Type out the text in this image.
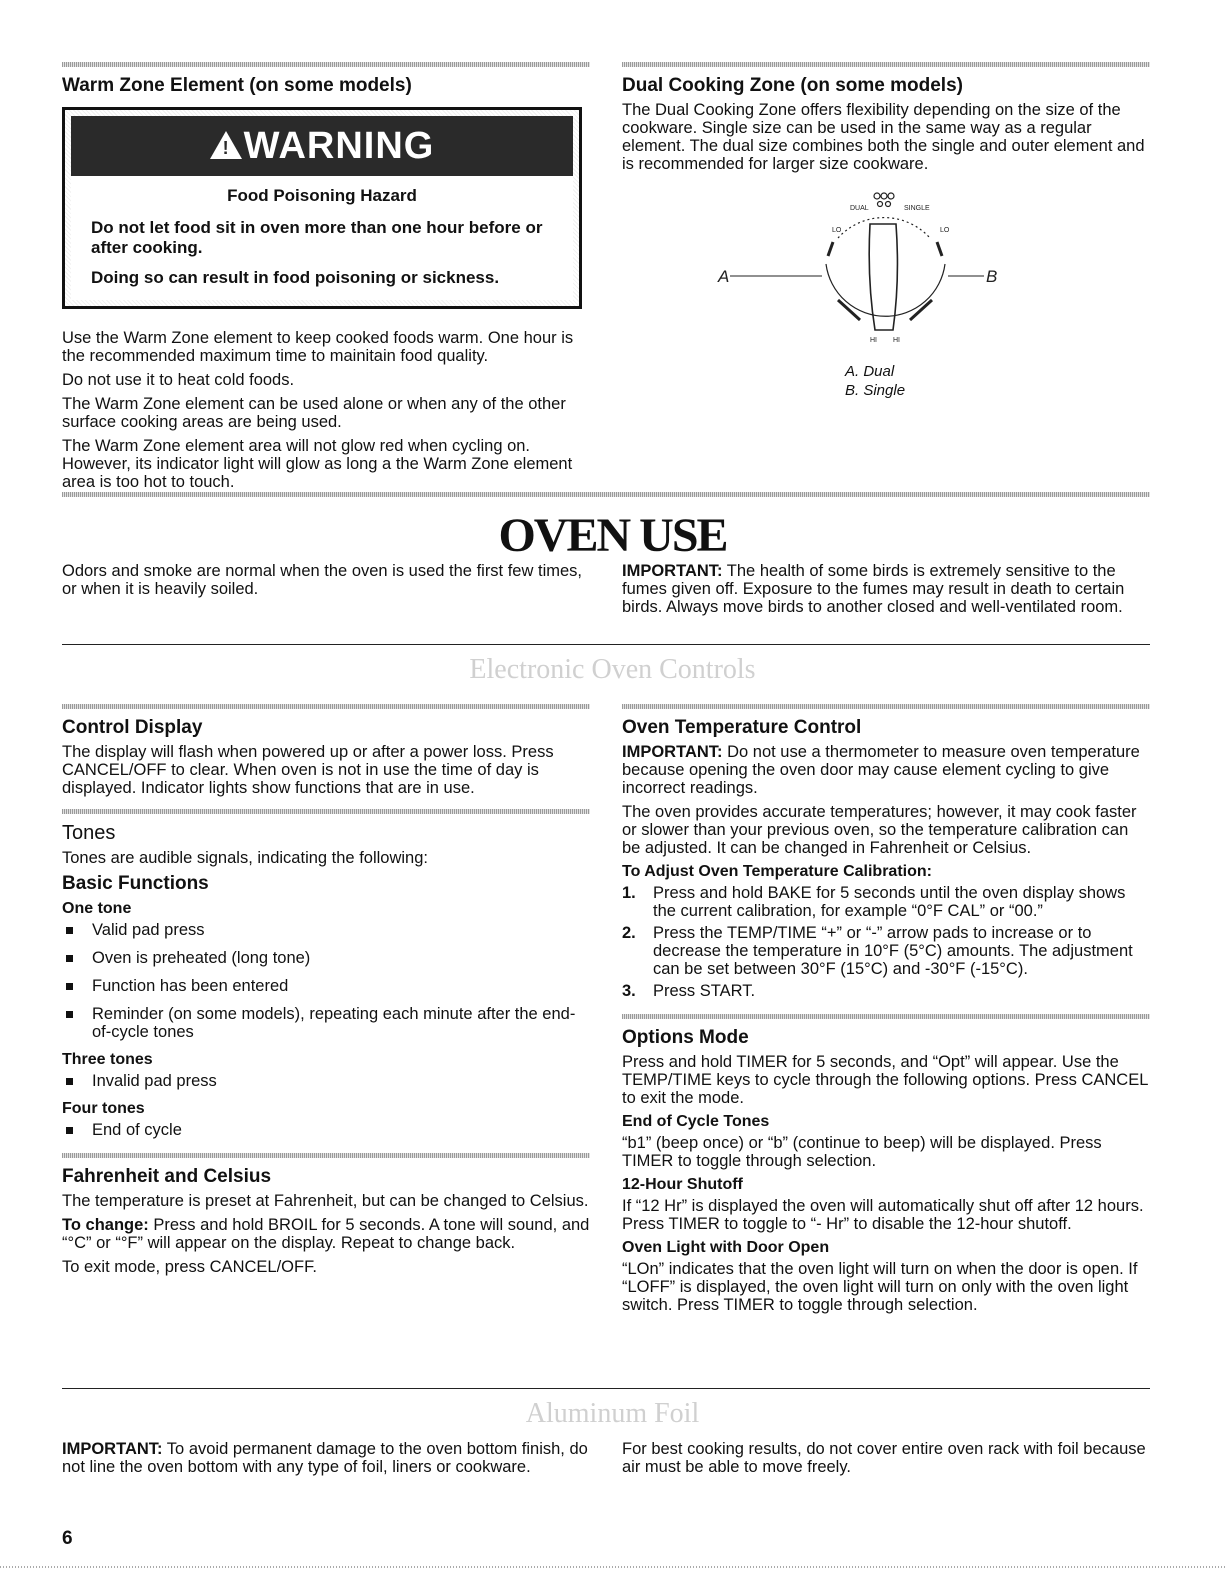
Warm Zone Element (on some models)
! WARNING
Food Poisoning Hazard
Do not let food sit in oven more than one hour before or after cooking.
Doing so can result in food poisoning or sickness.

Use the Warm Zone element to keep cooked foods warm. One hour is the recommended maximum time to mainitain food quality.

Do not use it to heat cold foods.

The Warm Zone element can be used alone or when any of the other surface cooking areas are being used.

The Warm Zone element area will not glow red when cycling on. However, its indicator light will glow as long a the Warm Zone element area is too hot to touch.

Dual Cooking Zone (on some models)

The Dual Cooking Zone offers flexibility depending on the size of the cookware. Single size can be used in the same way as a regular element. The dual size combines both the single and outer element and is recommended for larger size cookware.

DUAL	SINGLE
LO	LO
HI HI
A	B
A. Dual
B. Single
OVEN USE

Odors and smoke are normal when the oven is used the first few times, or when it is heavily soiled.

IMPORTANT: The health of some birds is extremely sensitive to the fumes given off. Exposure to the fumes may result in death to certain birds. Always move birds to another closed and well-ventilated room.

Electronic Oven Controls
Control Display

The display will flash when powered up or after a power loss. Press CANCEL/OFF to clear. When oven is not in use the time of day is displayed. Indicator lights show functions that are in use.

Tones

Tones are audible signals, indicating the following:

Basic Functions
One tone
Valid pad press
Oven is preheated (long tone)
Function has been entered
Reminder (on some models), repeating each minute after the end-of-cycle tones
Three tones
Invalid pad press
Four tones
End of cycle
Fahrenheit and Celsius

The temperature is preset at Fahrenheit, but can be changed to Celsius.

To change: Press and hold BROIL for 5 seconds. A tone will sound, and “°C” or “°F” will appear on the display. Repeat to change back.

To exit mode, press CANCEL/OFF.

Oven Temperature Control

IMPORTANT: Do not use a thermometer to measure oven temperature because opening the oven door may cause element cycling to give incorrect readings.

The oven provides accurate temperatures; however, it may cook faster or slower than your previous oven, so the temperature calibration can be adjusted. It can be changed in Fahrenheit or Celsius.

To Adjust Oven Temperature Calibration:
1. Press and hold BAKE for 5 seconds until the oven display shows the current calibration, for example “0°F CAL” or “00.”
2. Press the TEMP/TIME “+” or “-” arrow pads to increase or to decrease the temperature in 10°F (5°C) amounts. The adjustment can be set between 30°F (15°C) and -30°F (-15°C).
3. Press START.
Options Mode

Press and hold TIMER for 5 seconds, and “Opt” will appear. Use the TEMP/TIME keys to cycle through the following options. Press CANCEL to exit the mode.

End of Cycle Tones

“b1” (beep once) or “b” (continue to beep) will be displayed. Press TIMER to toggle through selection.

12-Hour Shutoff

If “12 Hr” is displayed the oven will automatically shut off after 12 hours. Press TIMER to toggle to “- Hr” to disable the 12-hour shutoff.

Oven Light with Door Open

“LOn” indicates that the oven light will turn on when the door is open. If “LOFF” is displayed, the oven light will turn on only with the oven light switch. Press TIMER to toggle through selection.

Aluminum Foil

IMPORTANT: To avoid permanent damage to the oven bottom finish, do not line the oven bottom with any type of foil, liners or cookware.

For best cooking results, do not cover entire oven rack with foil because air must be able to move freely.

6
